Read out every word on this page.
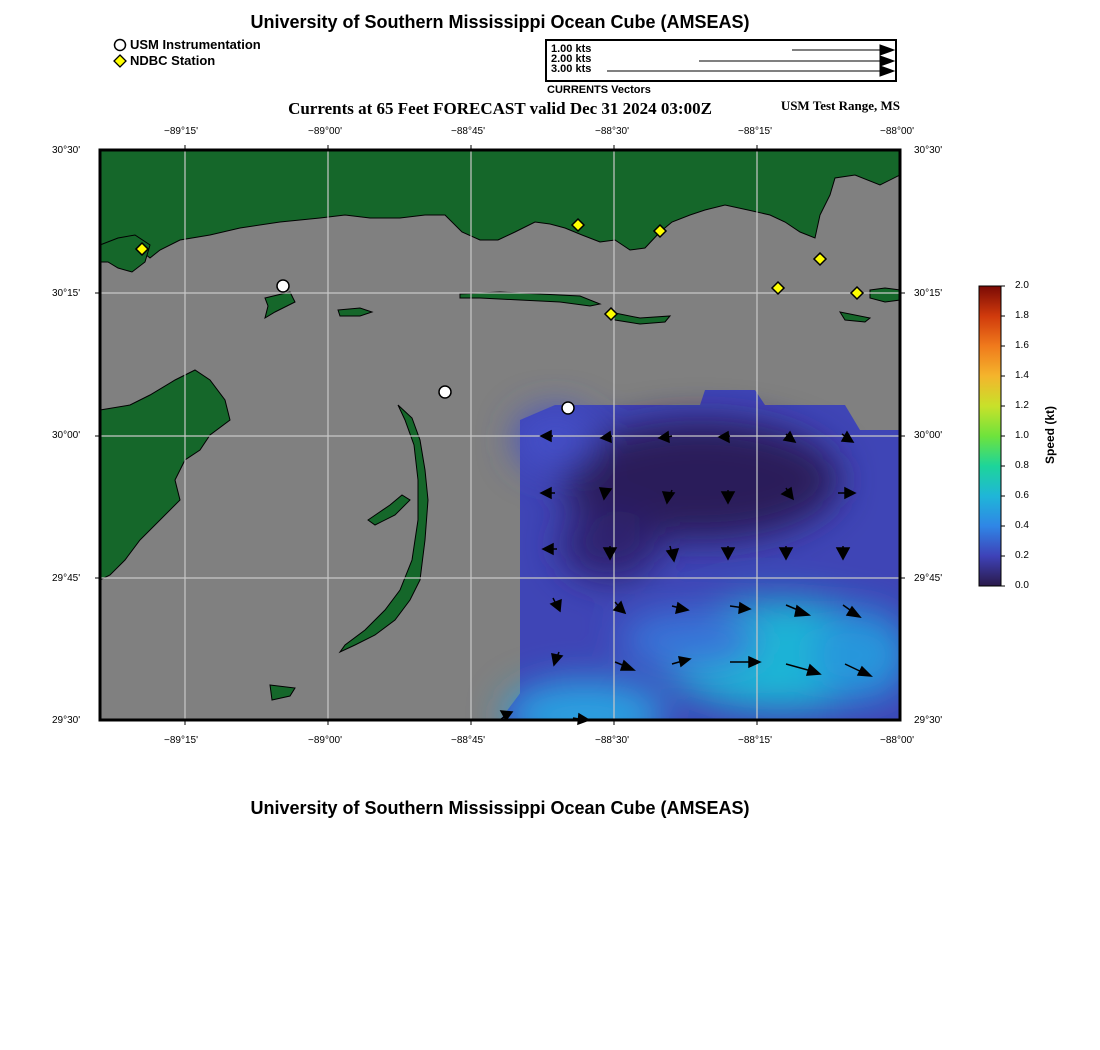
University of Southern Mississippi Ocean Cube (AMSEAS)
USM Instrumentation
NDBC Station
1.00 kts
2.00 kts
3.00 kts
CURRENTS Vectors
Currents at 65 Feet FORECAST valid Dec 31 2024 03:00Z	USM Test Range, MS
−89°15'	−89°00'	−88°45'	−88°30'	−88°15'	−88°00'
−89°15'	−89°00'	−88°45'	−88°30'	−88°15'	−88°00'
30°30'
30°15'
30°00'
29°45'
29°30'
30°30'
30°15'
30°00'
29°45'
29°30'
2.0
1.8
1.6
1.4
1.2
1.0
0.8
0.6
0.4
0.2
0.0
Speed (kt)
University of Southern Mississippi Ocean Cube (AMSEAS)
